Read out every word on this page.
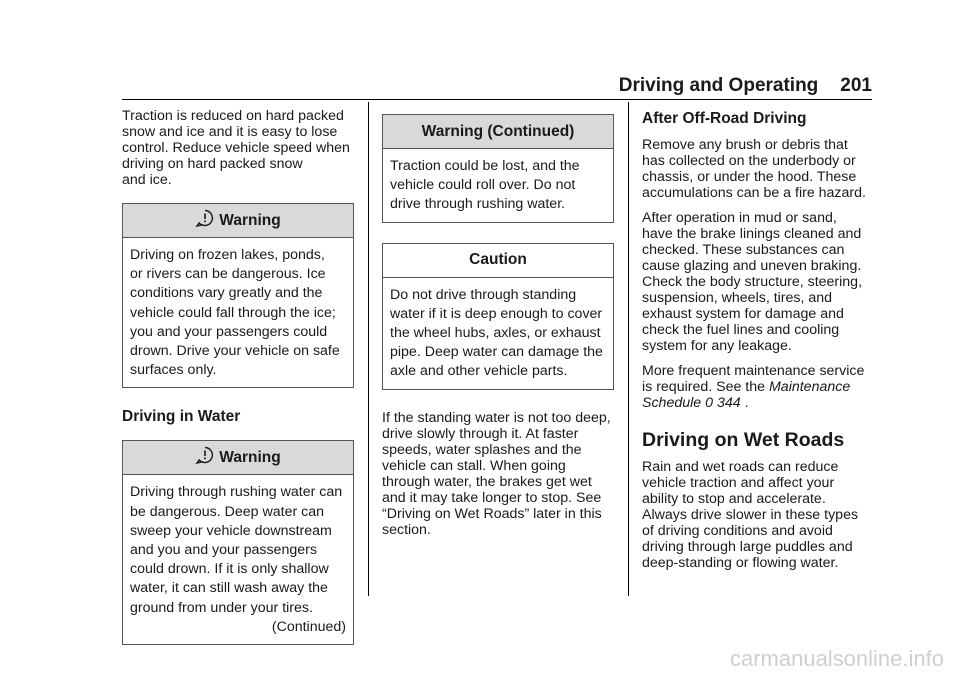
Driving and Operating 201

Traction is reduced on hard packed
snow and ice and it is easy to lose
control. Reduce vehicle speed when
driving on hard packed snow
and ice.

Warning
Driving on frozen lakes, ponds,
or rivers can be dangerous. Ice
conditions vary greatly and the
vehicle could fall through the ice;
you and your passengers could
drown. Drive your vehicle on safe
surfaces only.
Driving in Water
Warning
Driving through rushing water can
be dangerous. Deep water can
sweep your vehicle downstream
and you and your passengers
could drown. If it is only shallow
water, it can still wash away the
ground from under your tires.
(Continued)
Warning (Continued)
Traction could be lost, and the
vehicle could roll over. Do not
drive through rushing water.
Caution
Do not drive through standing
water if it is deep enough to cover
the wheel hubs, axles, or exhaust
pipe. Deep water can damage the
axle and other vehicle parts.

If the standing water is not too deep,
drive slowly through it. At faster
speeds, water splashes and the
vehicle can stall. When going
through water, the brakes get wet
and it may take longer to stop. See
“Driving on Wet Roads” later in this
section.

After Off-Road Driving

Remove any brush or debris that
has collected on the underbody or
chassis, or under the hood. These
accumulations can be a fire hazard.

After operation in mud or sand,
have the brake linings cleaned and
checked. These substances can
cause glazing and uneven braking.
Check the body structure, steering,
suspension, wheels, tires, and
exhaust system for damage and
check the fuel lines and cooling
system for any leakage.

More frequent maintenance service
is required. See the Maintenance
Schedule 0 344 .

Driving on Wet Roads

Rain and wet roads can reduce
vehicle traction and affect your
ability to stop and accelerate.
Always drive slower in these types
of driving conditions and avoid
driving through large puddles and
deep-standing or flowing water.

carmanualsonline.info
